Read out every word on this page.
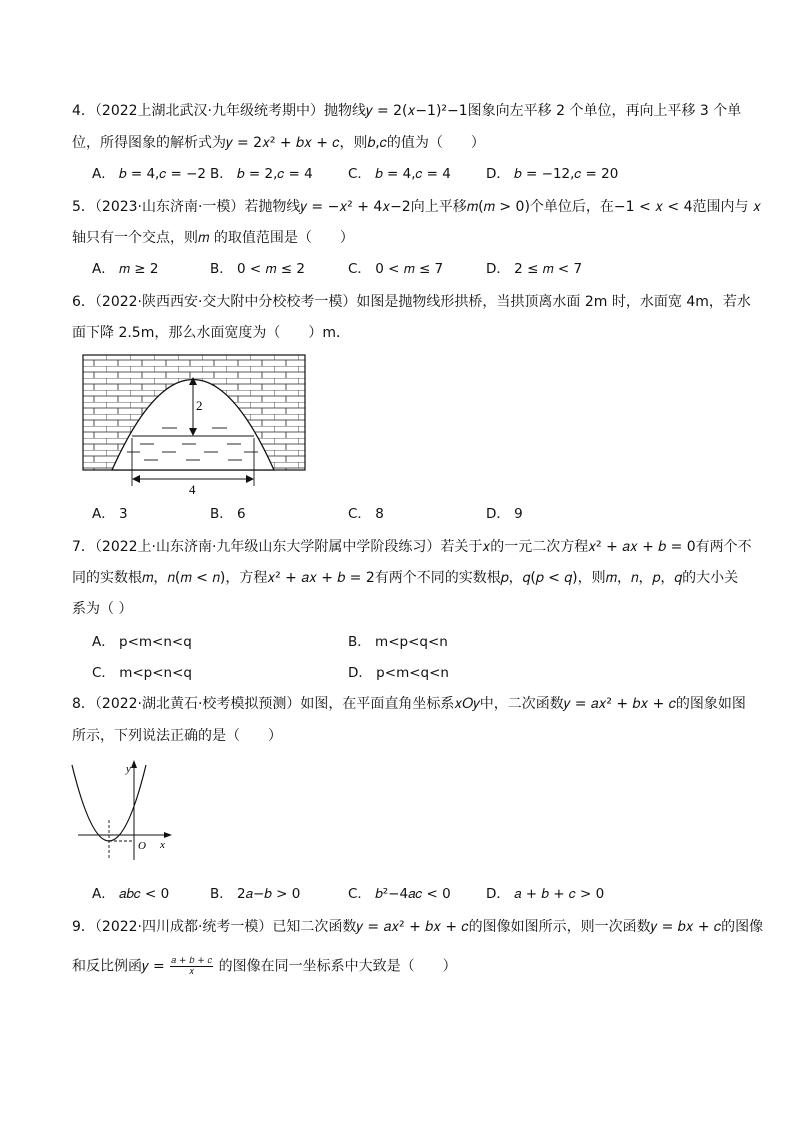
4．（2022上湖北武汉·九年级统考期中）抛物线𝑦 = 2(𝑥−1)²−1图象向左平移 2 个单位，再向上平移 3 个单
位，所得图象的解析式为𝑦 = 2𝑥² + 𝑏𝑥 + 𝑐，则𝑏,𝑐的值为（　　）
A． 𝑏 = 4,𝑐 = −2 B． 𝑏 = 2,𝑐 = 4	C． 𝑏 = 4,𝑐 = 4	D． 𝑏 = −12,𝑐 = 20
5．（2023·山东济南·一模）若抛物线𝑦 = −𝑥² + 4𝑥−2向上平移𝑚(𝑚 > 0)个单位后，在−1 < 𝑥 < 4范围内与 𝑥
轴只有一个交点，则𝑚 的取值范围是（　　）
A． 𝑚 ≥ 2	B． 0 < 𝑚 ≤ 2	C． 0 < 𝑚 ≤ 7	D． 2 ≤ 𝑚 < 7
6．（2022·陕西西安·交大附中分校校考一模）如图是抛物线形拱桥，当拱顶离水面 2m 时，水面宽 4m，若水
面下降 2.5m，那么水面宽度为（　　）m．
2
4
A． 3	B． 6	C． 8	D． 9
7．（2022上·山东济南·九年级山东大学附属中学阶段练习）若关于𝑥的一元二次方程𝑥² + 𝑎𝑥 + 𝑏 = 0有两个不
同的实数根𝑚，𝑛(𝑚 < 𝑛)，方程𝑥² + 𝑎𝑥 + 𝑏 = 2有两个不同的实数根𝑝，𝑞(𝑝 < 𝑞)，则𝑚，𝑛，𝑝，𝑞的大小关
系为（ ）
A． p<m<n<q	B． m<p<q<n
C． m<p<n<q	D． p<m<q<n
8．（2022·湖北黄石·校考模拟预测）如图，在平面直角坐标系𝑥𝑂𝑦中，二次函数𝑦 = 𝑎𝑥² + 𝑏𝑥 + 𝑐的图象如图
所示，下列说法正确的是（　　）
y
x
O
A． 𝑎𝑏𝑐 < 0	B． 2𝑎−𝑏 > 0	C． 𝑏²−4𝑎𝑐 < 0	D． 𝑎 + 𝑏 + 𝑐 > 0
9．（2022·四川成都·统考一模）已知二次函数𝑦 = 𝑎𝑥² + 𝑏𝑥 + 𝑐的图像如图所示，则一次函数𝑦 = 𝑏𝑥 + 𝑐的图像
和反比例函𝑦 = 𝑎 + 𝑏 + 𝑐
𝑥	的图像在同一坐标系中大致是（　　）
